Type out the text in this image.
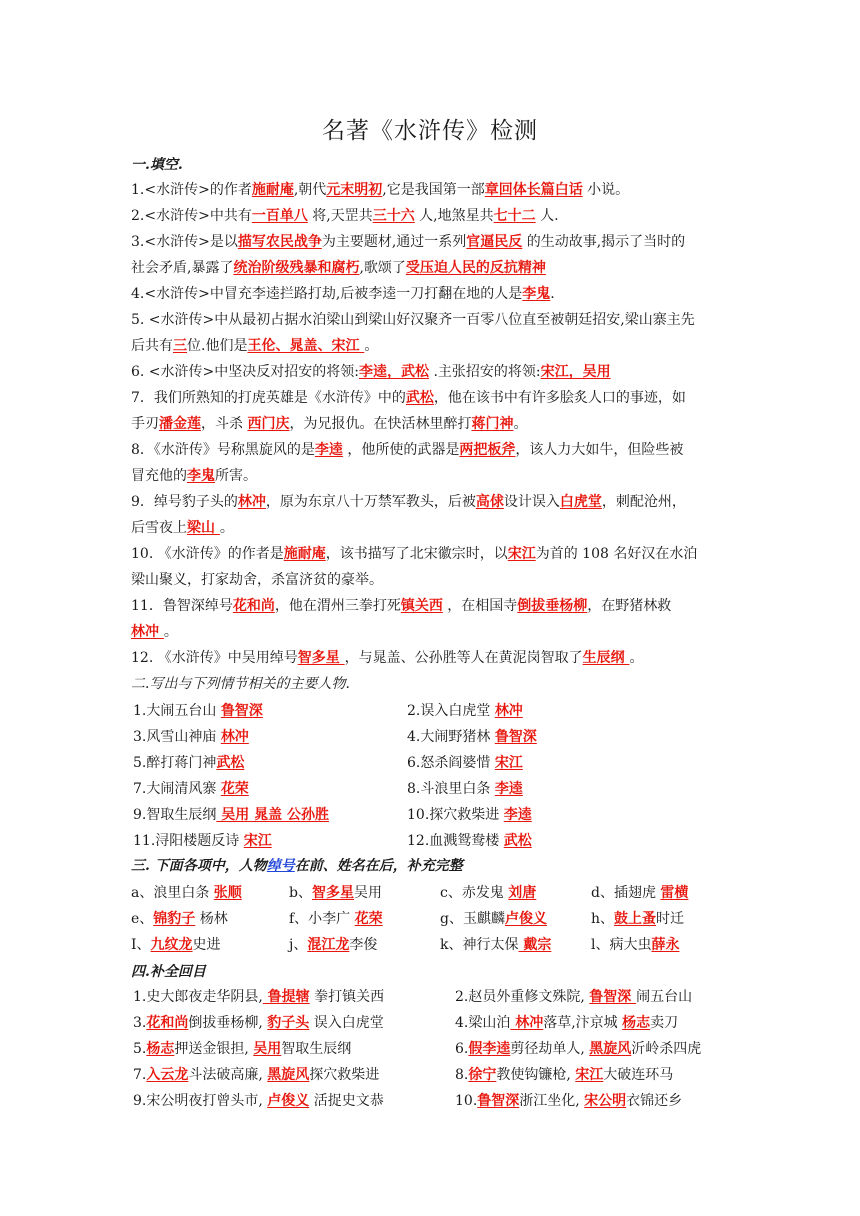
名著《水浒传》检测
一.填空.
1.<水浒传>的作者施耐庵,朝代元末明初,它是我国第一部章回体长篇白话 小说。
2.<水浒传>中共有一百单八 将,天罡共三十六 人,地煞星共七十二 人.
3.<水浒传>是以描写农民战争为主要题材,通过一系列官逼民反 的生动故事,揭示了当时的
社会矛盾,暴露了统治阶级残暴和腐朽,歌颂了受压迫人民的反抗精神
4.<水浒传>中冒充李逵拦路打劫,后被李逵一刀打翻在地的人是李鬼.
5. <水浒传>中从最初占据水泊梁山到梁山好汉聚齐一百零八位直至被朝廷招安,梁山寨主先
后共有三位.他们是王伦、晁盖、宋江 。
6. <水浒传>中坚决反对招安的将领:李逵，武松 .主张招安的将领:宋江，吴用
7．我们所熟知的打虎英雄是《水浒传》中的武松，他在该书中有许多脍炙人口的事迹，如
手刃潘金莲，斗杀 西门庆，为兄报仇。在快活林里醉打蒋门神。
8．《水浒传》号称黑旋风的是李逵 ，他所使的武器是两把板斧，该人力大如牛，但险些被
冒充他的李鬼所害。
9．绰号豹子头的林冲，原为东京八十万禁军教头，后被高俅设计误入白虎堂，刺配沧州，
后雪夜上梁山 。
10. 《水浒传》的作者是施耐庵，该书描写了北宋徽宗时，以宋江为首的 108 名好汉在水泊
梁山聚义，打家劫舍，杀富济贫的豪举。
11．鲁智深绰号花和尚，他在渭州三拳打死镇关西 ，在相国寺倒拔垂杨柳，在野猪林救
林冲 。
12. 《水浒传》中吴用绰号智多星 ，与晁盖、公孙胜等人在黄泥岗智取了生辰纲 。
二.写出与下列情节相关的主要人物.
1.大闹五台山 鲁智深	2.误入白虎堂 林冲
3.风雪山神庙 林冲	4.大闹野猪林 鲁智深
5.醉打蒋门神武松	6.怒杀阎婆惜 宋江
7.大闹清风寨 花荣	8.斗浪里白条 李逵
9.智取生辰纲 吴用 晁盖 公孙胜	10.探穴救柴进 李逵
11.浔阳楼题反诗 宋江	12.血溅鸳鸯楼 武松
三. 下面各项中，人物绰号在前、姓名在后，补充完整
a、浪里白条 张顺	b、智多星吴用	c、赤发鬼 刘唐	d、插翅虎 雷横
e、锦豹子 杨林	f、小李广 花荣	g、玉麒麟卢俊义	h、鼓上蚤时迁
I、九纹龙史进	j、混江龙李俊	k、神行太保 戴宗	l、病大虫薛永
四.补全回目
1.史大郎夜走华阴县, 鲁提辖 拳打镇关西	2.赵员外重修文殊院, 鲁智深 闹五台山
3.花和尚倒拔垂杨柳, 豹子头 误入白虎堂	4.梁山泊 林冲落草,汴京城 杨志卖刀
5.杨志押送金银担, 吴用智取生辰纲	6.假李逵剪径劫单人, 黑旋风沂岭杀四虎
7.入云龙斗法破高廉, 黑旋风探穴救柴进	8.徐宁教使钩镰枪, 宋江大破连环马
9.宋公明夜打曾头市, 卢俊义 活捉史文恭	10.鲁智深浙江坐化, 宋公明衣锦还乡
